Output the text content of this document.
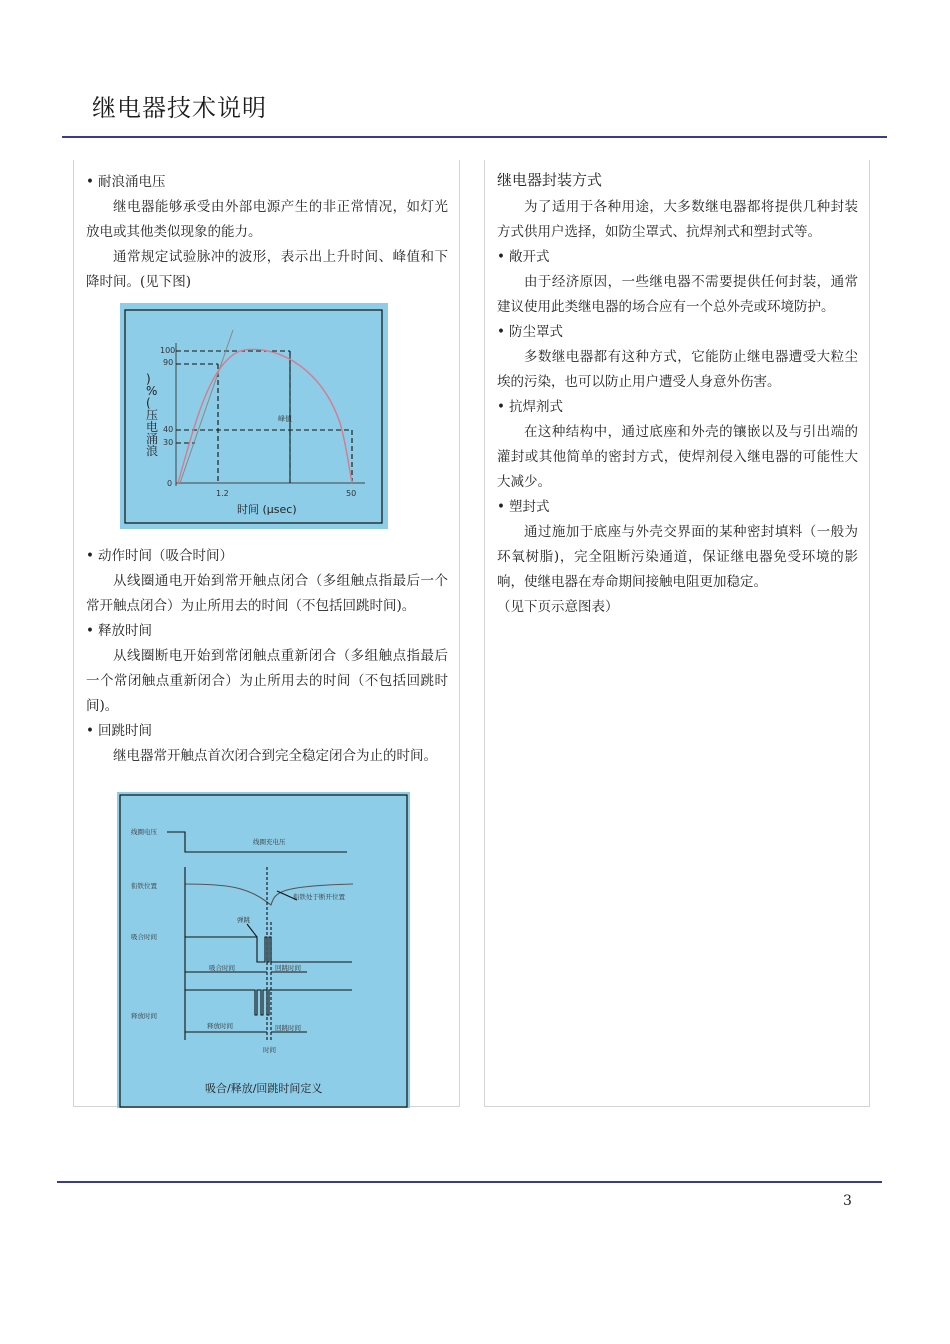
继电器技术说明
• 耐浪涌电压
继电器能够承受由外部电源产生的非正常情况，如灯光放电或其他类似现象的能力。
通常规定试验脉冲的波形，表示出上升时间、峰值和下降时间。(见下图)
100
90
40
30
0
) % (压电涌浪
1.2	50
时间 (μsec)
峰值
• 动作时间（吸合时间）
从线圈通电开始到常开触点闭合（多组触点指最后一个常开触点闭合）为止所用去的时间（不包括回跳时间)。
• 释放时间
从线圈断电开始到常闭触点重新闭合（多组触点指最后一个常闭触点重新闭合）为止所用去的时间（不包括回跳时间)。
• 回跳时间
继电器常开触点首次闭合到完全稳定闭合为止的时间。
线圈电压
线圈充电压
衔铁位置
衔铁处于断开位置
弹跳
吸合时间
吸合时间	回跳时间
释放时间
释放时间	回跳时间
时间
吸合/释放/回跳时间定义
继电器封装方式
为了适用于各种用途，大多数继电器都将提供几种封装方式供用户选择，如防尘罩式、抗焊剂式和塑封式等。
• 敞开式
由于经济原因，一些继电器不需要提供任何封装，通常建议使用此类继电器的场合应有一个总外壳或环境防护。
• 防尘罩式
多数继电器都有这种方式，它能防止继电器遭受大粒尘埃的污染，也可以防止用户遭受人身意外伤害。
• 抗焊剂式
在这种结构中，通过底座和外壳的镶嵌以及与引出端的灌封或其他简单的密封方式，使焊剂侵入继电器的可能性大大减少。
• 塑封式
通过施加于底座与外壳交界面的某种密封填料（一般为环氧树脂)，完全阻断污染通道，保证继电器免受环境的影响，使继电器在寿命期间接触电阻更加稳定。
（见下页示意图表）
3
